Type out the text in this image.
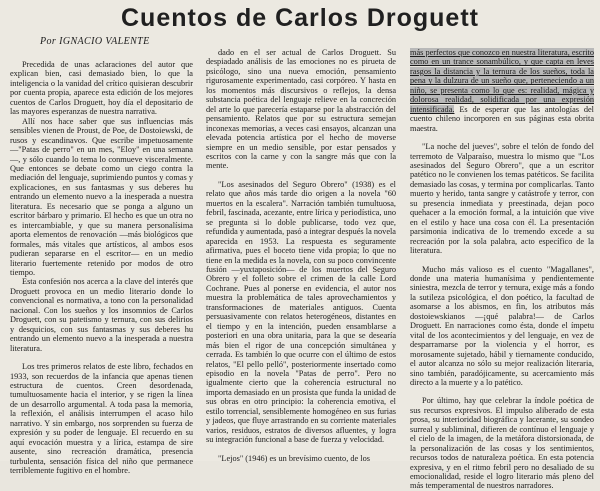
Cuentos de Carlos Droguett
Por IGNACIO VALENTE

Precedida de unas aclaraciones del autor que explican bien, casi demasiado bien, lo que la inteligencia o la vanidad del crítico quisieran descubrir por cuenta propia, aparece esta edición de los mejores cuentos de Carlos Droguett, hoy día el depositario de las mayores esperanzas de nuestra narrativa.

Allí nos hace saber que sus influencias más sensibles vienen de Proust, de Poe, de Dostoiewski, de rusos y escandinavos. Que escribe impetuosamente —"Patas de perro" en un mes, "Eloy" en una semana—, y sólo cuando lo tema lo conmueve visceralmente. Que entonces se debate como un ciego contra la mediación del lenguaje, suprimiendo puntos y comas y explicaciones, en sus fantasmas y sus deberes hu entrando un elemento nuevo a la inesperada a nuestra literatura. Es necesario que se ponga a alguno un escritor bárbaro y primario. El hecho es que un otra no es intercambiable, y que su manera personalísima aporta elementos de renovación —más biológicos que formales, más vitales que artísticos, al ambos esos pudieran separarse en el escritor— en un medio literario fuertemente retenido por modos de otro tiempo.

Esta confesión nos acerca a la clave del interés que Droguett provoca en un medio literario donde lo convencional es normativa, a tono con la personalidad nacional. Con los sueños y los insomnios de Carlos Droguett, con su patetismo y ternura, con sus delirios y desquicios, con sus fantasmas y sus deberes hu entrando un elemento nuevo a la inesperada a nuestra literatura.

Los tres primeros relatos de este libro, fechados en 1933, son recuerdos de la infancia que apenas tienen estructura de cuentos. Creen desordenada, tumultuosamente hacia el interior, y se rigen la línea de un desarrollo argumental. A toda pasa la memoria, la reflexión, el análisis interrumpen el acaso hilo narrativo. Y sin embargo, nos sorprenden su fuerza de expresión y su poder de lenguaje. El recuerdo en su aquí evocación muestra y a lírica, estampa de sire ausente, sino recreación dramática, presencia turbulenta, sensación física del niño que permanece terriblemente fugitivo en el hombre.

dado en el ser actual de Carlos Droguett. Su despiadado análisis de las emociones no es pirueta de psicólogo, sino una nueva emoción, pensamiento rigurosamente experimentado, casi corpóreo. Y hasta en los momentos más discursivos o reflejos, la densa substancia poética del lenguaje relieve en la concreción del arte lo que parecería estaparse por la abstracción del pensamiento. Relatos que por su estructura semejan inconexas memorias, a veces casi ensayos, alcanzan una elevada potencia artística por el hecho de moverse siempre en un medio sensible, por estar pensados y escritos con la carne y con la sangre más que con la mente.

"Los asesinados del Seguro Obrero" (1938) es el relato que años más tarde dio origen a la novela "60 muertos en la escalera". Narración también tumultuosa, febril, fascinada, acezante, entre lírica y periodística, uno se pregunta si lo doble publicarse, todo vez que, refundida y aumentada, pasó a integrar después la novela aparecida en 1953. La respuesta es seguramente afirmativa, pues el boceto tiene vida propia; lo que no tiene en la medida es la novela, con su poco convincente fusión —yuxtaposición— de los muertos del Seguro Obrero y el folleto sobre el crimen de la calle Lord Cochrane. Pues al ponerse en evidencia, el autor nos muestra la problemática de tales aprovechamientos y transformaciones de materiales antiguos. Cuenta persuasivamente con relatos heterogéneos, distantes en el tiempo y en la intención, pueden ensamblarse a posteriori en una obra unitaria, para la que se desearía más bien el rigor de una concepción simultánea y cerrada. Es también lo que ocurre con el último de estos relatos, "El pello pelló", posteriormente insertado como episodio en la novela "Patas de perro". Pero no igualmente cierto que la coherencia estructural no importa demasiado en un prosista que funda la unidad de sus obras en otro principio: la coherencia emotiva, el estilo torrencial, sensiblemente homogéneo en sus furias y jadeos, que fluye arrastrando en su corriente materiales varios, residuos, estratos de diversos afluentes, y logra su integración funcional a base de fuerza y velocidad.

"Lejos" (1946) es un brevísimo cuento, de los

más perfectos que conozco en nuestra literatura, escrito como en un trance sonambúlico, y que capta en leves rasgos la distancia y la ternura de los sueños, toda la pena y la dulzura de un sueño que, perteneciendo a un niño, se presenta como lo que es: realidad, mágica y dolorosa realidad, solidificada por una expresión intensificada. Es de esperar que las antologías del cuento chileno incorporen en sus páginas esta obrita maestra.

"La noche del jueves", sobre el telón de fondo del terremoto de Valparaíso, muestra lo mismo que "Los asesinados del Seguro Obrero", que a un escritor patético no le convienen los temas patéticos. Se facilita demasiado las cosas, y termina por complicarlas. Tanto muerto y herido, tanta sangre y catástrofe y terror, con su presencia inmediata y preestinada, dejan poco quehacer a la emoción formal, a la intuición que vive en el estilo y hace una cosa con él. La presentación parsimonia indicativa de lo tremendo excede a su recreación por la sola palabra, acto específico de la literatura.

Mucho más valioso es el cuento "Magallanes", donde una materia humanísima y pendientemente siniestra, mezcla de terror y ternura, exige más a fondo la sutileza psicológica, el don poético, la facultad de asomarse a los abismos, en fin, los atributos más dostoiewskianos —¡qué palabra!— de Carlos Droguett. En narraciones como ésta, donde el ímpetu vital de los acontecimientos y del lenguaje, en vez de desparramarse por la violencia y el horror, es morosamente sujetado, hábil y tiernamente conducido, el autor alcanza no sólo su mejor realización literaria, sino también, paradójicamente, su acercamiento más directo a la muerte y a lo patético.

Por último, hay que celebrar la índole poética de sus recursos expresivos. El impulso aliberado de esta prosa, su interioridad biográfica y lacerante, su sondeo surreal y subliminal, difieren de contínuo el lenguaje y el cielo de la imagen, de la metáfora distorsionada, de la personalización de las cosas y los sentimientos, recursos todos de naturaleza poética. En esta potencia expresiva, y en el ritmo febril pero no desaliado de su emocionalidad, reside el logro literario más pleno del más temperamental de nuestros narradores.
